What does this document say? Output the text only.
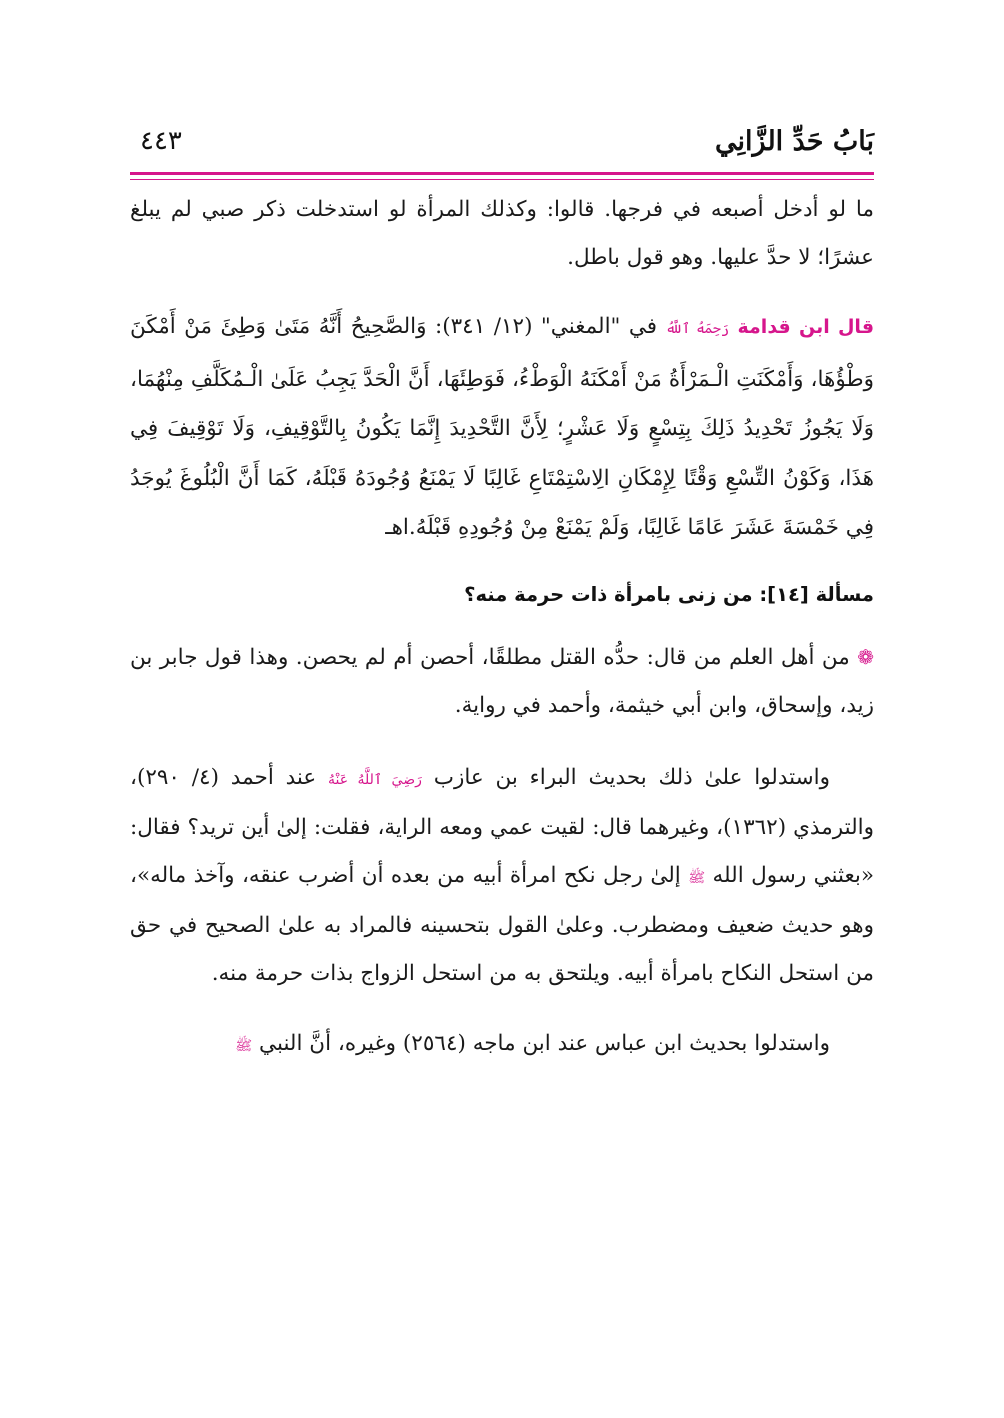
بَابُ حَدِّ الزَّانِي
٤٤٣

ما لو أدخل أصبعه في فرجها. قالوا: وكذلك المرأة لو استدخلت ذكر صبي لم يبلغ عشرًا؛ لا حدَّ عليها. وهو قول باطل.

قال ابن قدامة رَحِمَهُ ٱللَّهُ في "المغني" (١٢/ ٣٤١): وَالصَّحِيحُ أَنَّهُ مَتَىٰ وَطِئَ مَنْ أَمْكَنَ وَطْؤُهَا، وَأَمْكَنَتِ الْـمَرْأَةُ مَنْ أَمْكَنَهُ الْوَطْءُ، فَوَطِئَهَا، أَنَّ الْحَدَّ يَجِبُ عَلَىٰ الْـمُكَلَّفِ مِنْهُمَا، وَلَا يَجُوزُ تَحْدِيدُ ذَلِكَ بِتِسْعٍ وَلَا عَشْرٍ؛ لِأَنَّ التَّحْدِيدَ إِنَّمَا يَكُونُ بِالتَّوْقِيفِ، وَلَا تَوْقِيفَ فِي هَذَا، وَكَوْنُ التِّسْعِ وَقْتًا لِإِمْكَانِ الِاسْتِمْتَاعِ غَالِبًا لَا يَمْنَعُ وُجُودَهُ قَبْلَهُ، كَمَا أَنَّ الْبُلُوغَ يُوجَدُ فِي خَمْسَةَ عَشَرَ عَامًا غَالِبًا، وَلَمْ يَمْنَعْ مِنْ وُجُودِهِ قَبْلَهُ.اهـ

مسألة [١٤]: من زنى بامرأة ذات حرمة منه؟

❁ من أهل العلم من قال: حدُّه القتل مطلقًا، أحصن أم لم يحصن. وهذا قول جابر بن زيد، وإسحاق، وابن أبي خيثمة، وأحمد في رواية.

واستدلوا علىٰ ذلك بحديث البراء بن عازب رَضِيَ ٱللَّهُ عَنْهُ عند أحمد (٤/ ٢٩٠)، والترمذي (١٣٦٢)، وغيرهما قال: لقيت عمي ومعه الراية، فقلت: إلىٰ أين تريد؟ فقال: «بعثني رسول الله ﷺ إلىٰ رجل نكح امرأة أبيه من بعده أن أضرب عنقه، وآخذ ماله»، وهو حديث ضعيف ومضطرب. وعلىٰ القول بتحسينه فالمراد به علىٰ الصحيح في حق من استحل النكاح بامرأة أبيه. ويلتحق به من استحل الزواج بذات حرمة منه.

واستدلوا بحديث ابن عباس عند ابن ماجه (٢٥٦٤) وغيره، أنَّ النبي ﷺ
